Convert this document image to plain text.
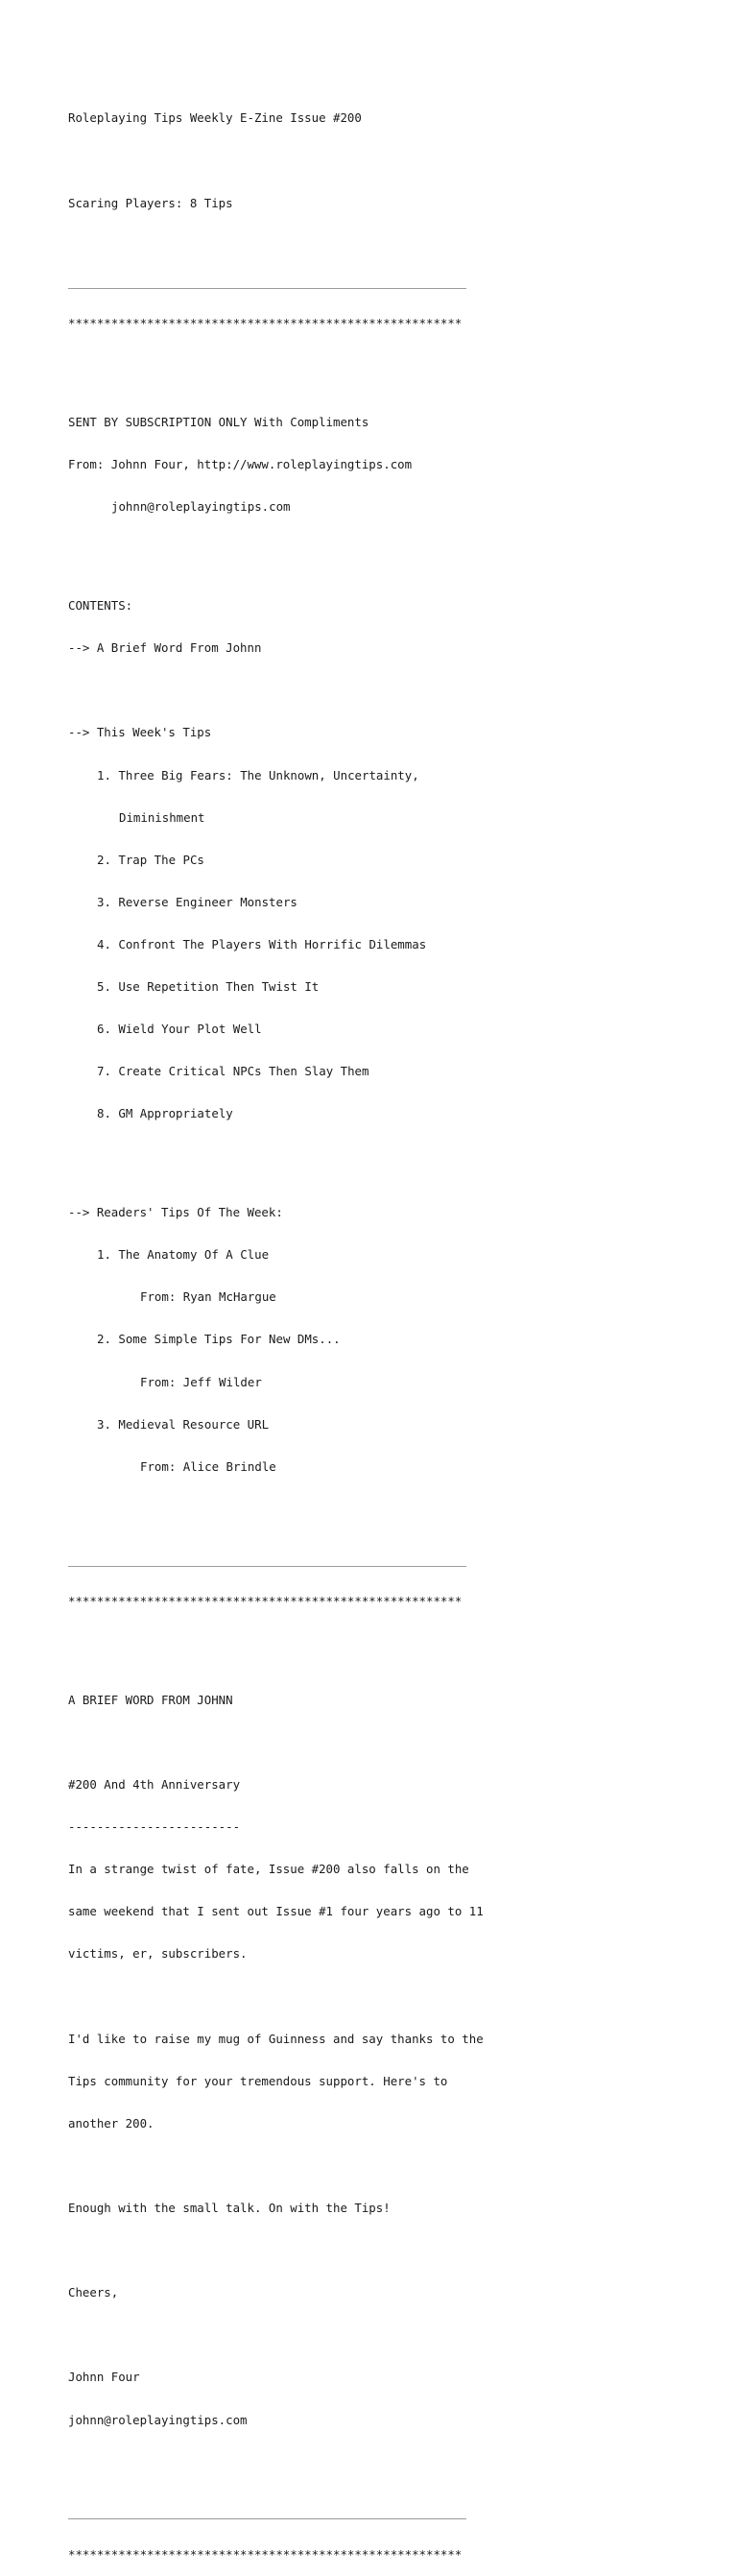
Roleplaying Tips Weekly E-Zine Issue #200

Scaring Players: 8 Tips

*******************************************************

SENT BY SUBSCRIPTION ONLY With Compliments

From: Johnn Four, http://www.roleplayingtips.com

johnn@roleplayingtips.com

CONTENTS:

--> A Brief Word From Johnn

--> This Week's Tips

1. Three Big Fears: The Unknown, Uncertainty,

Diminishment

2. Trap The PCs

3. Reverse Engineer Monsters

4. Confront The Players With Horrific Dilemmas

5. Use Repetition Then Twist It

6. Wield Your Plot Well

7. Create Critical NPCs Then Slay Them

8. GM Appropriately

--> Readers' Tips Of The Week:

1. The Anatomy Of A Clue

From: Ryan McHargue

2. Some Simple Tips For New DMs...

From: Jeff Wilder

3. Medieval Resource URL

From: Alice Brindle

*******************************************************

A BRIEF WORD FROM JOHNN

#200 And 4th Anniversary

------------------------

In a strange twist of fate, Issue #200 also falls on the

same weekend that I sent out Issue #1 four years ago to 11

victims, er, subscribers.

I'd like to raise my mug of Guinness and say thanks to the

Tips community for your tremendous support. Here's to

another 200.

Enough with the small talk. On with the Tips!

Cheers,

Johnn Four

johnn@roleplayingtips.com

*******************************************************
